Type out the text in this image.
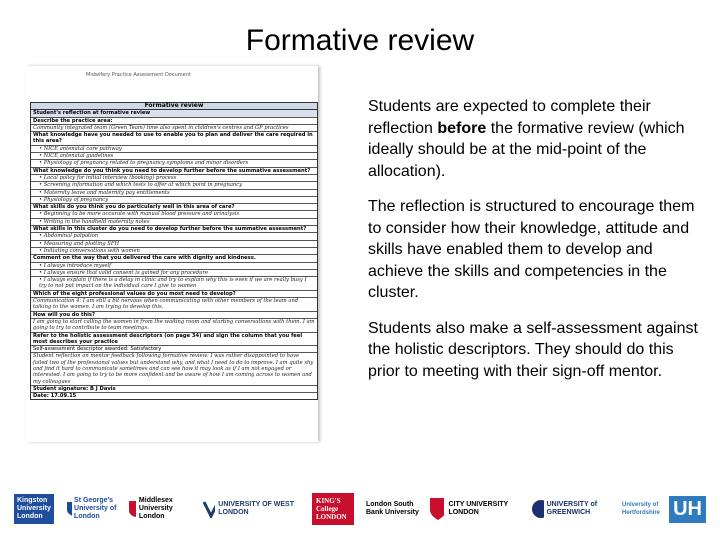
Formative review
Midwifery Practice Assessment Document
Formative review
Student's reflection at formative review
Describe the practice area:
Community integrated team (Green Team) time also spent in children's centres and GP practices
What knowledge have you needed to use to enable you to plan and deliver the care required in this area?
• NICE antenatal care pathway
• NICE antenatal guidelines
• Physiology of pregnancy related to pregnancy symptoms and minor disorders
What knowledge do you think you need to develop further before the summative assessment?
• Local policy for initial interview (booking) process
• Screening information and which tests to offer at which point in pregnancy
• Maternity leave and maternity pay entitlements
• Physiology of pregnancy
What skills do you think you do particularly well in this area of care?
• Beginning to be more accurate with manual blood pressure and urinalysis
• Writing in the handheld maternity notes
What skills in this cluster do you need to develop further before the summative assessment?
• Abdominal palpation
• Measuring and plotting SFH
• Initiating conversations with women
Comment on the way that you delivered the care with dignity and kindness.
• I always introduce myself
• I always ensure that valid consent is gained for any procedure
• I always explain if there is a delay in clinic and try to explain why this is even if we are really busy I try to not put impact on the individual care I give to women
Which of the eight professional values do you most need to develop?
Communication 4: I am still a bit nervous when communicating with other members of the team and talking to the women. I am trying to develop this.
How will you do this?
I am going to start calling the women in from the waiting room and starting conversations with them. I am going to try to contribute to team meetings.
Refer to the holistic assessment descriptors (on page 34) and sign the column that you feel most describes your practice
Self-assessment descriptor awarded: Satisfactory
Student reflection on mentor feedback following formative review: I was rather disappointed to have failed two of the professional values but understand why, and what I need to do to improve. I am quite shy and find it hard to communicate sometimes and can see how it may look as if I am not engaged or interested. I am going to try to be more confident and be aware of how I am coming across to women and my colleagues
Student signature: B J Davis
Date: 17.09.15

Students are expected to complete their reflection before the formative review (which ideally should be at the mid-point of the allocation).

The reflection is structured to encourage them to consider how their knowledge, attitude and skills have enabled them to develop and achieve the skills and competencies in the cluster.

Students also make a self-assessment against the holistic descriptors. They should do this prior to meeting with their sign-off mentor.

Kingston University London
St George's University of London
Middlesex University London
UNIVERSITY OF WEST LONDON
KING'S College LONDON
London South Bank University
CITY UNIVERSITY LONDON
UNIVERSITY of GREENWICH
University of Hertfordshire UH
